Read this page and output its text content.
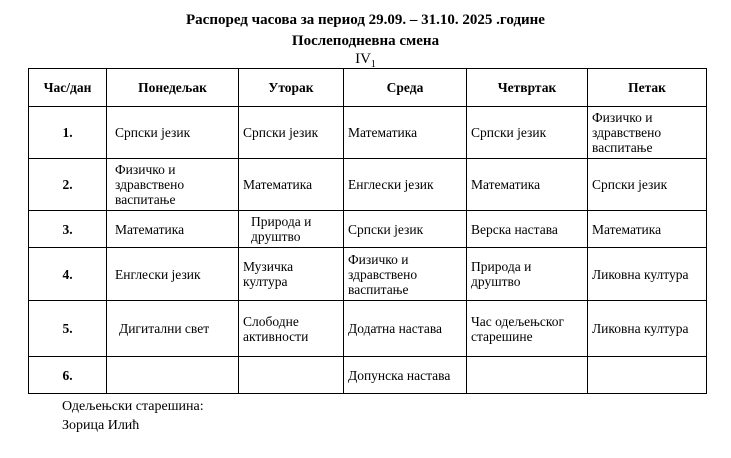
Распоред часова за период 29.09. – 31.10. 2025 .године
Послеподневна смена
$IV_1$
Час/дан	Понедељак	Уторак	Среда	Четвртак	Петак
1.	Српски језик	Српски језик	Математика	Српски језик	Физичко и здравствено васпитање
2.	Физичко и здравствено васпитање	Математика	Енглески језик	Математика	Српски језик
3.	Математика	Природа и друштво	Српски језик	Верска настава	Математика
4.	Енглески језик	Музичка култура	Физичко и здравствено васпитање	Природа и друштво	Ликовна култура
5.	Дигитални свет	Слободне активности	Додатна настава	Час одељењског старешине	Ликовна култура
6.			Допунска настава		
Одељењски старешина:
Зорица Илић
